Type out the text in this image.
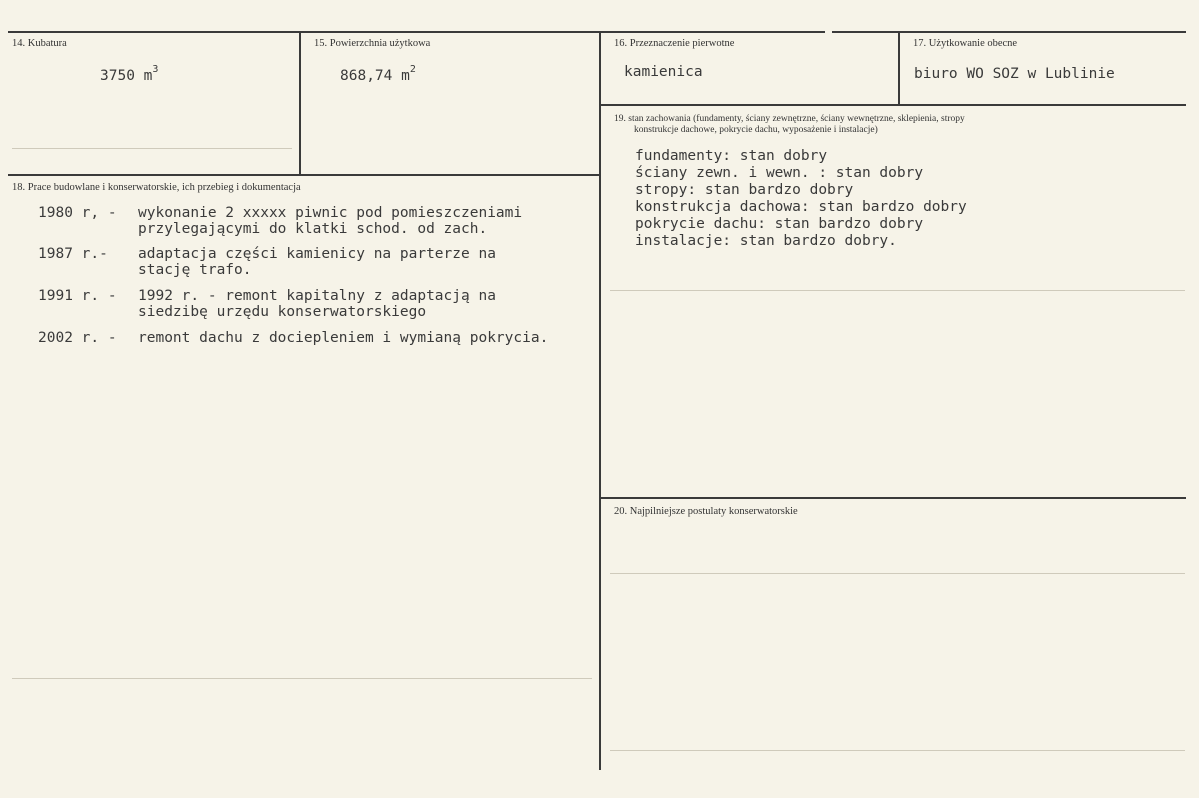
14. Kubatura
3750 $m^3$
15. Powierzchnia użytkowa
868,74 $m^2$
16. Przeznaczenie pierwotne
kamienica
17. Użytkowanie obecne
biuro WO SOZ w Lublinie
18. Prace budowlane i konserwatorskie, ich przebieg i dokumentacja
1980 r, - wykonanie 2 xxxxx piwnic pod pomieszczeniami
przylegającymi do klatki schod. od zach.
1987 r.- adaptacja części kamienicy na parterze na
stację trafo.
1991 r. - 1992 r. - remont kapitalny z adaptacją na
siedzibę urzędu konserwatorskiego
2002 r. - remont dachu z dociepleniem i wymianą pokrycia.
19. stan zachowania (fundamenty, ściany zewnętrzne, ściany wewnętrzne, sklepienia, stropy
konstrukcje dachowe, pokrycie dachu, wyposażenie i instalacje)
fundamenty: stan dobry
ściany zewn. i wewn. : stan dobry
stropy: stan bardzo dobry
konstrukcja dachowa: stan bardzo dobry
pokrycie dachu: stan bardzo dobry
instalacje: stan bardzo dobry.
20. Najpilniejsze postulaty konserwatorskie
